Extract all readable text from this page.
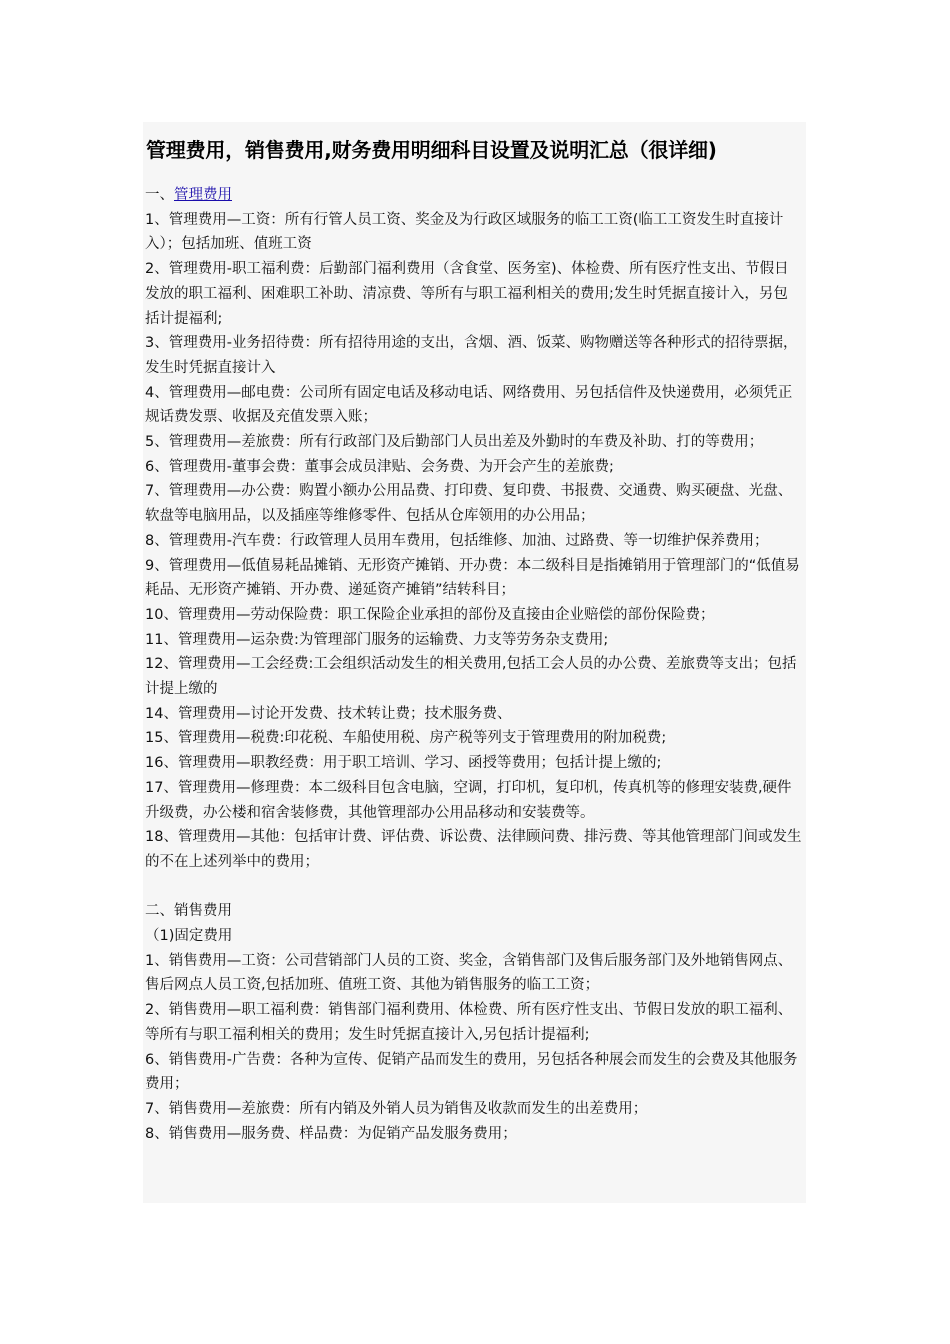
管理费用，销售费用,财务费用明细科目设置及说明汇总（很详细)

一、管理费用

1、管理费用—工资：所有行管人员工资、奖金及为行政区域服务的临工工资(临工工资发生时直接计入）；包括加班、值班工资

2、管理费用-职工福利费：后勤部门福利费用（含食堂、医务室)、体检费、所有医疗性支出、节假日发放的职工福利、困难职工补助、清凉费、等所有与职工福利相关的费用;发生时凭据直接计入，另包括计提福利;

3、管理费用-业务招待费：所有招待用途的支出，含烟、酒、饭菜、购物赠送等各种形式的招待票据，发生时凭据直接计入

4、管理费用—邮电费：公司所有固定电话及移动电话、网络费用、另包括信件及快递费用，必须凭正规话费发票、收据及充值发票入账；

5、管理费用—差旅费：所有行政部门及后勤部门人员出差及外勤时的车费及补助、打的等费用；

6、管理费用-董事会费：董事会成员津贴、会务费、为开会产生的差旅费;

7、管理费用—办公费：购置小额办公用品费、打印费、复印费、书报费、交通费、购买硬盘、光盘、软盘等电脑用品，以及插座等维修零件、包括从仓库领用的办公用品；

8、管理费用-汽车费：行政管理人员用车费用，包括维修、加油、过路费、等一切维护保养费用；

9、管理费用—低值易耗品摊销、无形资产摊销、开办费：本二级科目是指摊销用于管理部门的“低值易耗品、无形资产摊销、开办费、递延资产摊销”结转科目；

10、管理费用—劳动保险费：职工保险企业承担的部份及直接由企业赔偿的部份保险费；

11、管理费用—运杂费:为管理部门服务的运输费、力支等劳务杂支费用;

12、管理费用—工会经费:工会组织活动发生的相关费用,包括工会人员的办公费、差旅费等支出；包括计提上缴的

14、管理费用—讨论开发费、技术转让费；技术服务费、

15、管理费用—税费:印花税、车船使用税、房产税等列支于管理费用的附加税费;

16、管理费用—职教经费：用于职工培训、学习、函授等费用；包括计提上缴的;

17、管理费用—修理费：本二级科目包含电脑，空调，打印机，复印机，传真机等的修理安装费,硬件升级费，办公楼和宿舍装修费，其他管理部办公用品移动和安装费等。

18、管理费用—其他：包括审计费、评估费、诉讼费、法律顾问费、排污费、等其他管理部门间或发生的不在上述列举中的费用；

二、销售费用

（1)固定费用

1、销售费用—工资：公司营销部门人员的工资、奖金，含销售部门及售后服务部门及外地销售网点、售后网点人员工资,包括加班、值班工资、其他为销售服务的临工工资；

2、销售费用—职工福利费：销售部门福利费用、体检费、所有医疗性支出、节假日发放的职工福利、等所有与职工福利相关的费用；发生时凭据直接计入,另包括计提福利;

6、销售费用-广告费：各种为宣传、促销产品而发生的费用，另包括各种展会而发生的会费及其他服务费用；

7、销售费用—差旅费：所有内销及外销人员为销售及收款而发生的出差费用；

8、销售费用—服务费、样品费：为促销产品发服务费用；
